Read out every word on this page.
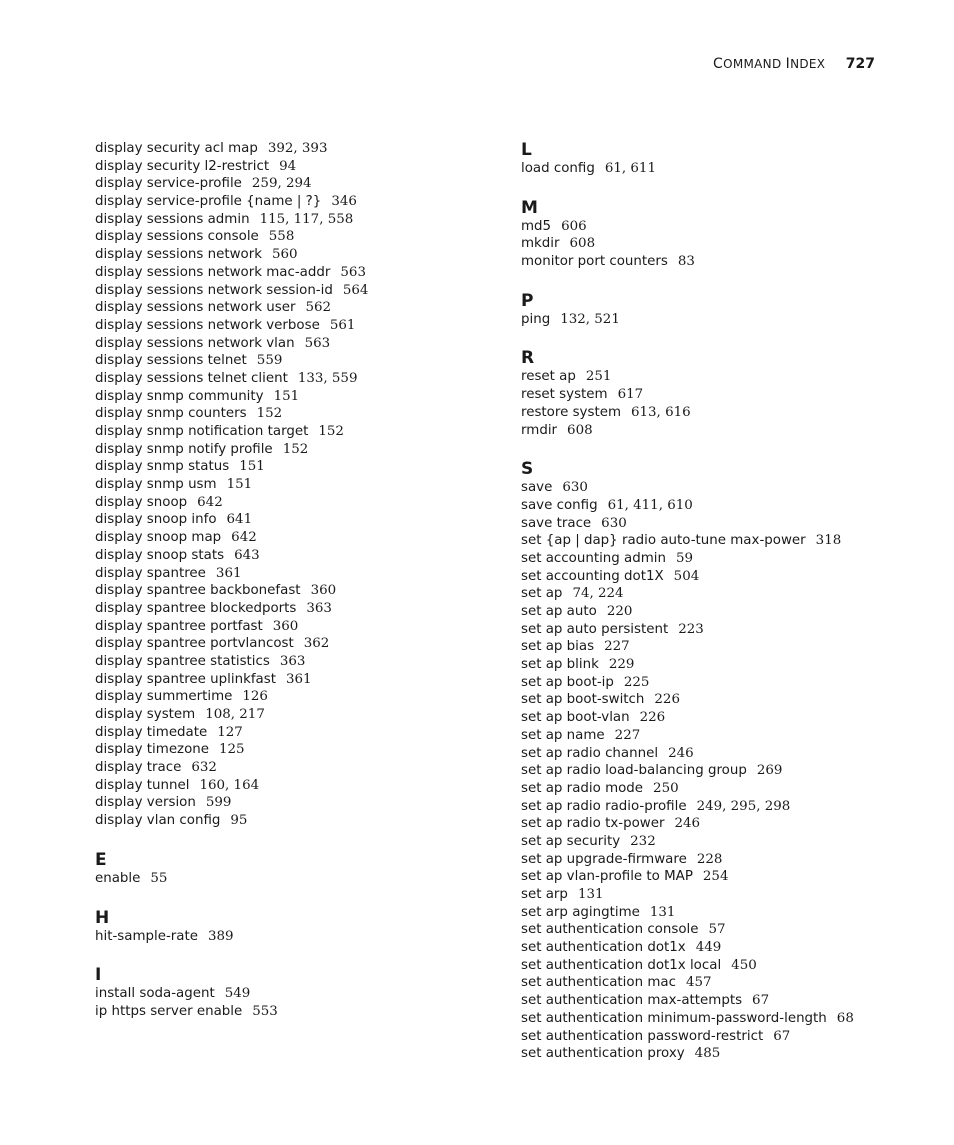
COMMAND INDEX 727
display security acl map 392, 393
display security l2-restrict 94
display service-profile 259, 294
display service-profile {name | ?} 346
display sessions admin 115, 117, 558
display sessions console 558
display sessions network 560
display sessions network mac-addr 563
display sessions network session-id 564
display sessions network user 562
display sessions network verbose 561
display sessions network vlan 563
display sessions telnet 559
display sessions telnet client 133, 559
display snmp community 151
display snmp counters 152
display snmp notification target 152
display snmp notify profile 152
display snmp status 151
display snmp usm 151
display snoop 642
display snoop info 641
display snoop map 642
display snoop stats 643
display spantree 361
display spantree backbonefast 360
display spantree blockedports 363
display spantree portfast 360
display spantree portvlancost 362
display spantree statistics 363
display spantree uplinkfast 361
display summertime 126
display system 108, 217
display timedate 127
display timezone 125
display trace 632
display tunnel 160, 164
display version 599
display vlan config 95
E
enable 55
H
hit-sample-rate 389
I
install soda-agent 549
ip https server enable 553
L
load config 61, 611
M
md5 606
mkdir 608
monitor port counters 83
P
ping 132, 521
R
reset ap 251
reset system 617
restore system 613, 616
rmdir 608
S
save 630
save config 61, 411, 610
save trace 630
set {ap | dap} radio auto-tune max-power 318
set accounting admin 59
set accounting dot1X 504
set ap 74, 224
set ap auto 220
set ap auto persistent 223
set ap bias 227
set ap blink 229
set ap boot-ip 225
set ap boot-switch 226
set ap boot-vlan 226
set ap name 227
set ap radio channel 246
set ap radio load-balancing group 269
set ap radio mode 250
set ap radio radio-profile 249, 295, 298
set ap radio tx-power 246
set ap security 232
set ap upgrade-firmware 228
set ap vlan-profile to MAP 254
set arp 131
set arp agingtime 131
set authentication console 57
set authentication dot1x 449
set authentication dot1x local 450
set authentication mac 457
set authentication max-attempts 67
set authentication minimum-password-length 68
set authentication password-restrict 67
set authentication proxy 485
